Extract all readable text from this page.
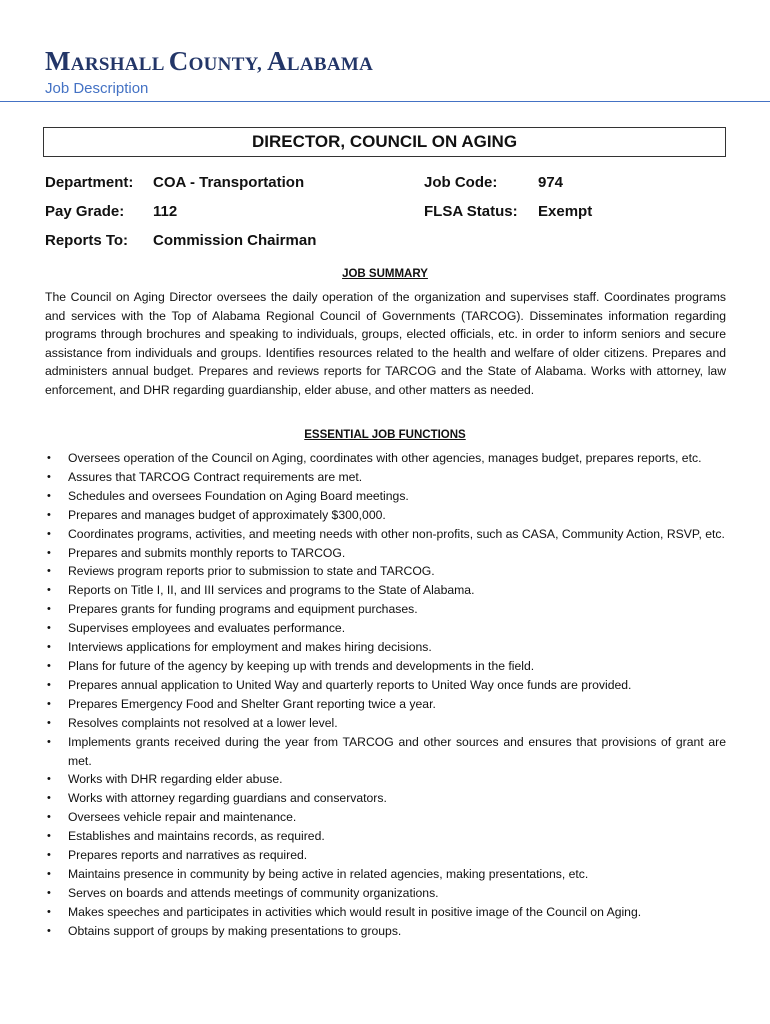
MARSHALL COUNTY, ALABAMA
Job Description
DIRECTOR, COUNCIL ON AGING
Department: COA - Transportation	Job Code:	974
Pay Grade: 112	FLSA Status: Exempt
Reports To: Commission Chairman
JOB SUMMARY

The Council on Aging Director oversees the daily operation of the organization and supervises staff. Coordinates programs and services with the Top of Alabama Regional Council of Governments (TARCOG). Disseminates information regarding programs through brochures and speaking to individuals, groups, elected officials, etc. in order to inform seniors and secure assistance from individuals and groups. Identifies resources related to the health and welfare of older citizens. Prepares and administers annual budget. Prepares and reviews reports for TARCOG and the State of Alabama. Works with attorney, law enforcement, and DHR regarding guardianship, elder abuse, and other matters as needed.

ESSENTIAL JOB FUNCTIONS
• Oversees operation of the Council on Aging, coordinates with other agencies, manages budget, prepares reports, etc.
• Assures that TARCOG Contract requirements are met.
• Schedules and oversees Foundation on Aging Board meetings.
• Prepares and manages budget of approximately $300,000.
• Coordinates programs, activities, and meeting needs with other non-profits, such as CASA, Community Action, RSVP, etc.
• Prepares and submits monthly reports to TARCOG.
• Reviews program reports prior to submission to state and TARCOG.
• Reports on Title I, II, and III services and programs to the State of Alabama.
• Prepares grants for funding programs and equipment purchases.
• Supervises employees and evaluates performance.
• Interviews applications for employment and makes hiring decisions.
• Plans for future of the agency by keeping up with trends and developments in the field.
• Prepares annual application to United Way and quarterly reports to United Way once funds are provided.
• Prepares Emergency Food and Shelter Grant reporting twice a year.
• Resolves complaints not resolved at a lower level.
• Implements grants received during the year from TARCOG and other sources and ensures that provisions of grant are met.
• Works with DHR regarding elder abuse.
• Works with attorney regarding guardians and conservators.
• Oversees vehicle repair and maintenance.
• Establishes and maintains records, as required.
• Prepares reports and narratives as required.
• Maintains presence in community by being active in related agencies, making presentations, etc.
• Serves on boards and attends meetings of community organizations.
• Makes speeches and participates in activities which would result in positive image of the Council on Aging.
• Obtains support of groups by making presentations to groups.
